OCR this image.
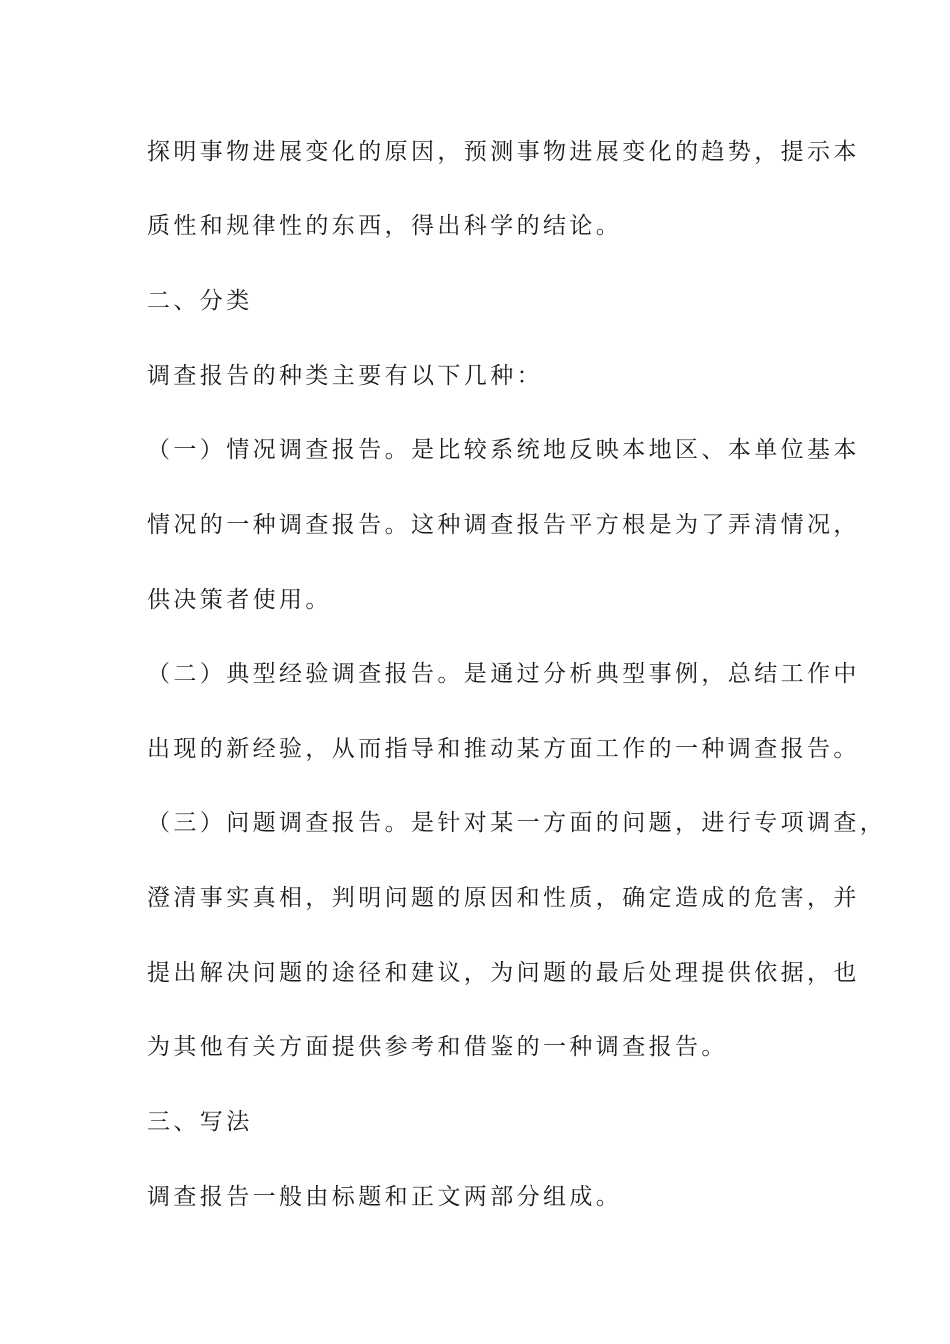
探明事物进展变化的原因，预测事物进展变化的趋势，提示本
质性和规律性的东西，得出科学的结论。
二、分类
调查报告的种类主要有以下几种：
（一）情况调查报告。是比较系统地反映本地区、本单位基本
情况的一种调查报告。这种调查报告平方根是为了弄清情况，
供决策者使用。
（二）典型经验调查报告。是通过分析典型事例，总结工作中
出现的新经验，从而指导和推动某方面工作的一种调查报告。
（三）问题调查报告。是针对某一方面的问题，进行专项调查，
澄清事实真相，判明问题的原因和性质，确定造成的危害，并
提出解决问题的途径和建议，为问题的最后处理提供依据，也
为其他有关方面提供参考和借鉴的一种调查报告。
三、写法
调查报告一般由标题和正文两部分组成。
